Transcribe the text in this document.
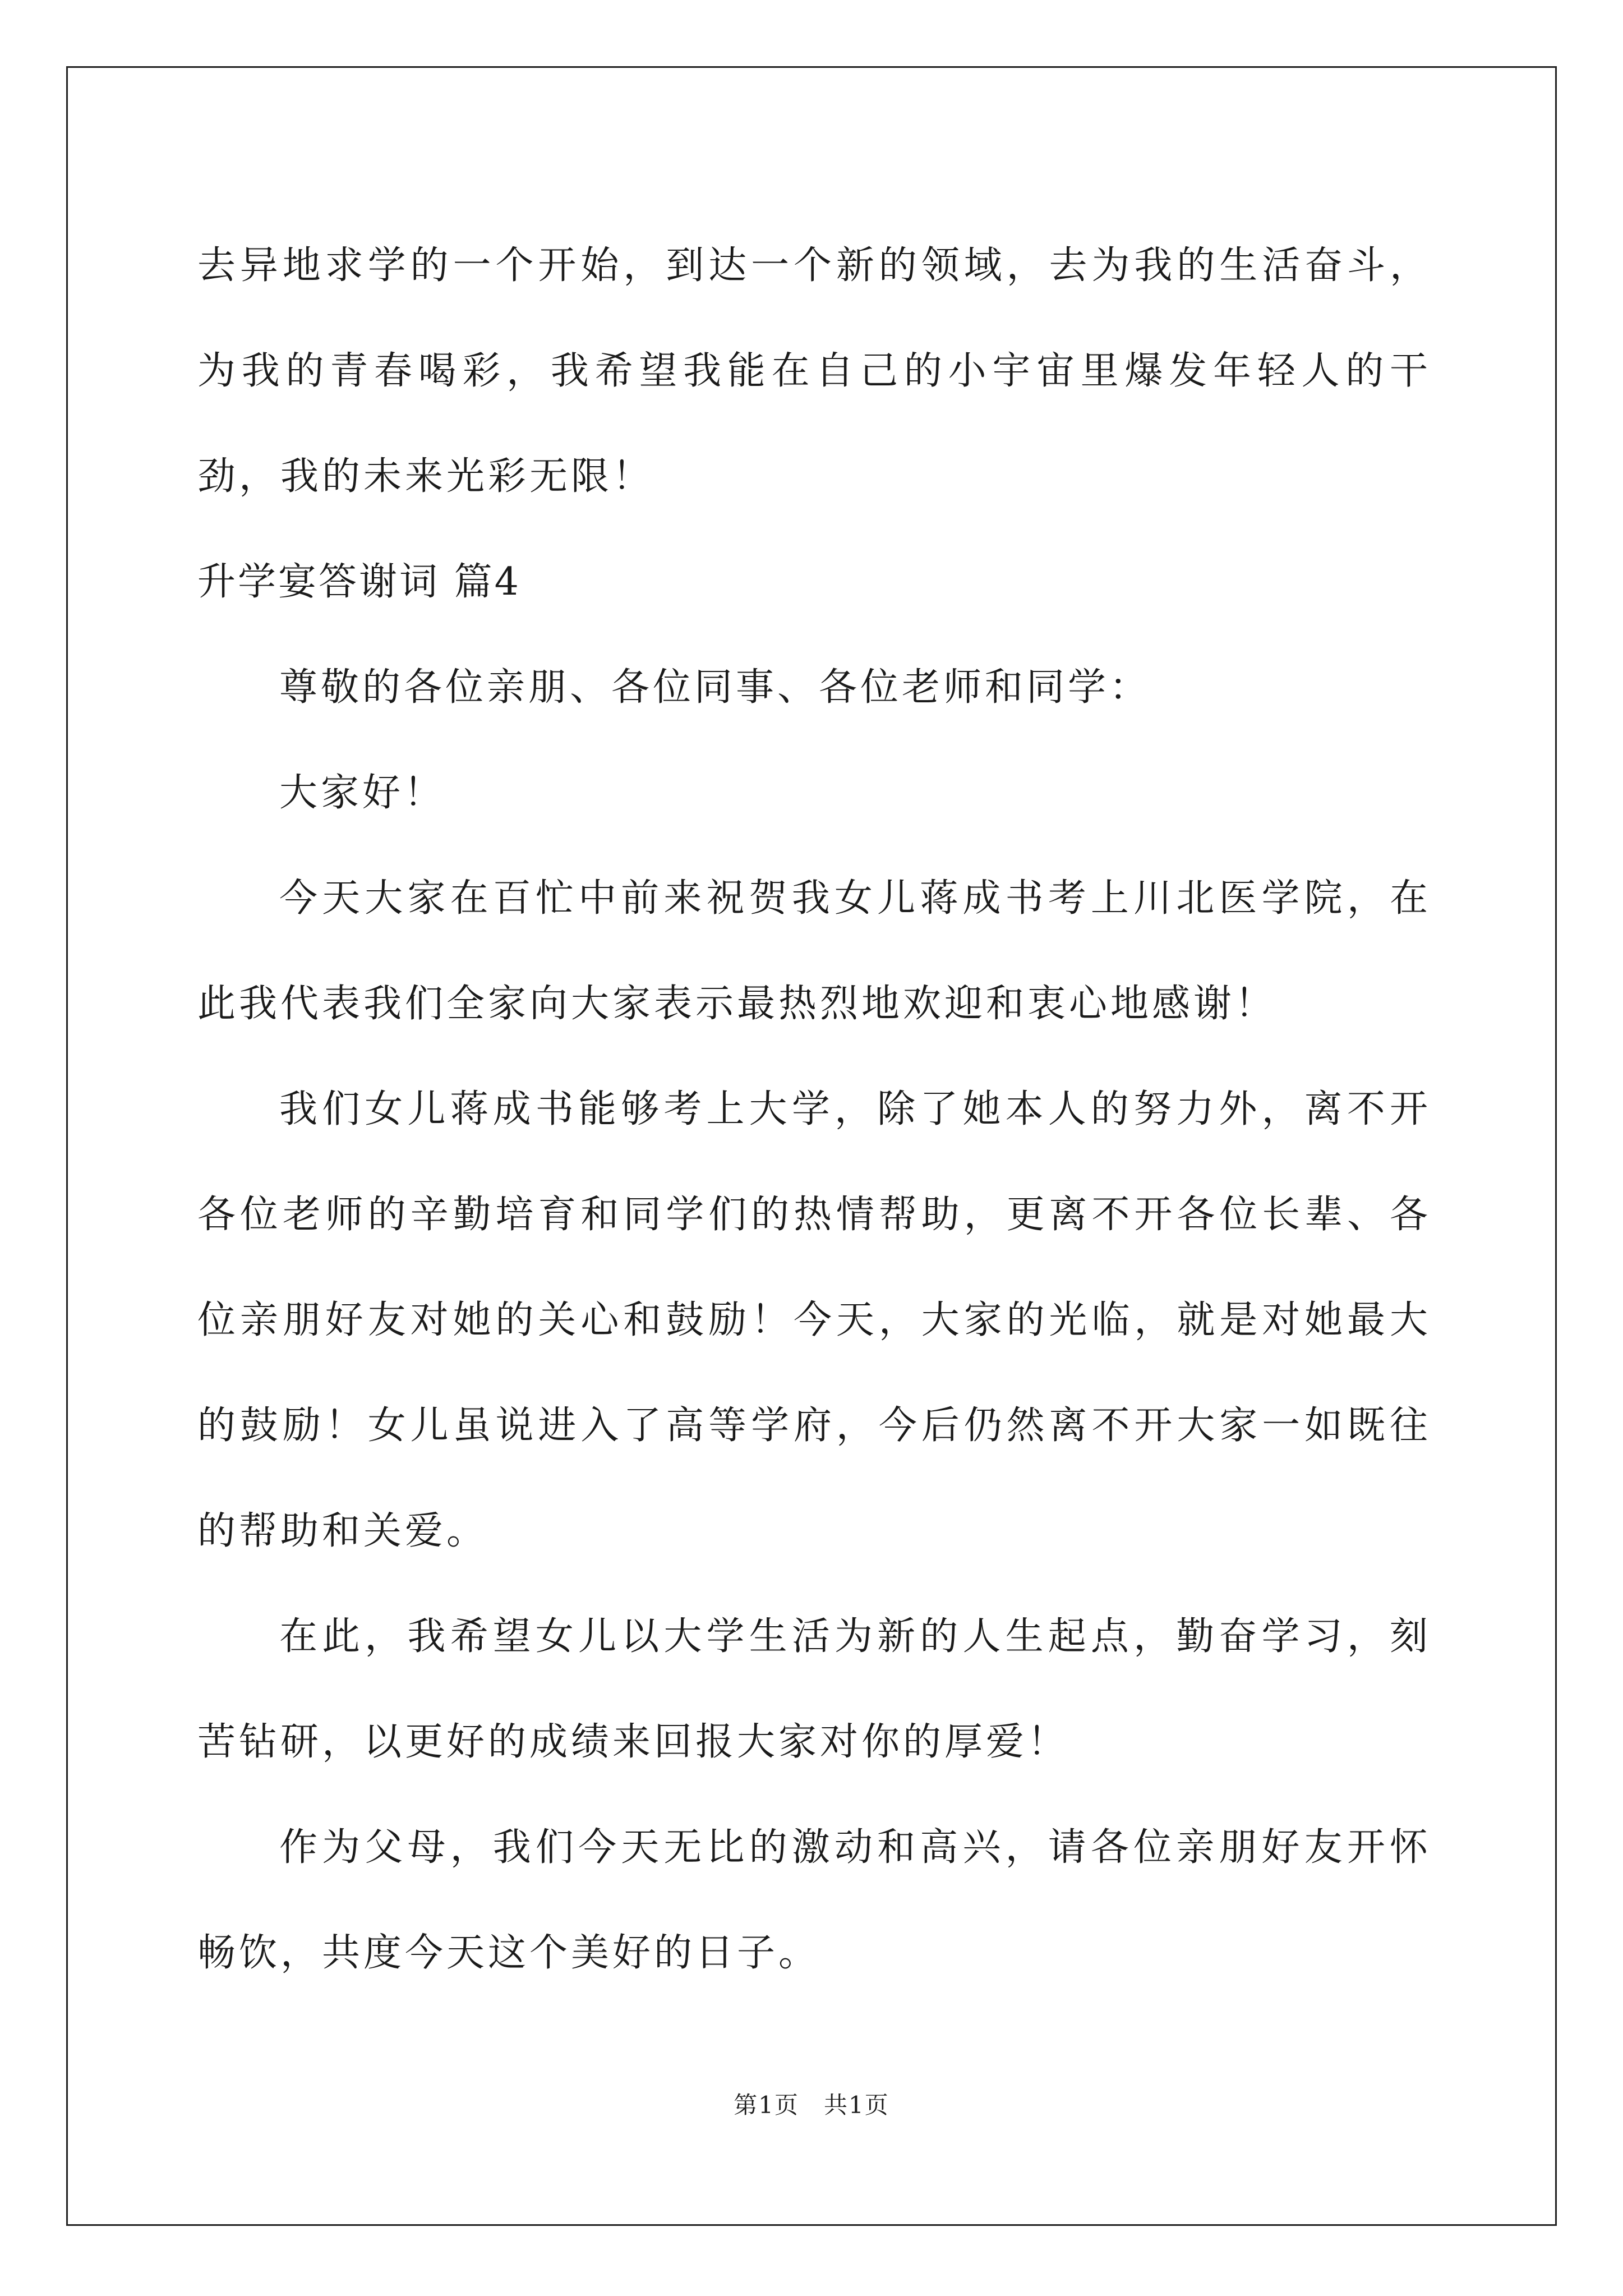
去异地求学的一个开始，到达一个新的领域，去为我的生活奋斗，为我的青春喝彩，我希望我能在自己的小宇宙里爆发年轻人的干劲，我的未来光彩无限！

升学宴答谢词 篇4

尊敬的各位亲朋、各位同事、各位老师和同学：

大家好！

今天大家在百忙中前来祝贺我女儿蒋成书考上川北医学院，在此我代表我们全家向大家表示最热烈地欢迎和衷心地感谢！

我们女儿蒋成书能够考上大学，除了她本人的努力外，离不开各位老师的辛勤培育和同学们的热情帮助，更离不开各位长辈、各位亲朋好友对她的关心和鼓励！今天，大家的光临，就是对她最大的鼓励！女儿虽说进入了高等学府，今后仍然离不开大家一如既往的帮助和关爱。

在此，我希望女儿以大学生活为新的人生起点，勤奋学习，刻苦钻研，以更好的成绩来回报大家对你的厚爱！

作为父母，我们今天无比的激动和高兴，请各位亲朋好友开怀畅饮，共度今天这个美好的日子。

第1页 共1页
